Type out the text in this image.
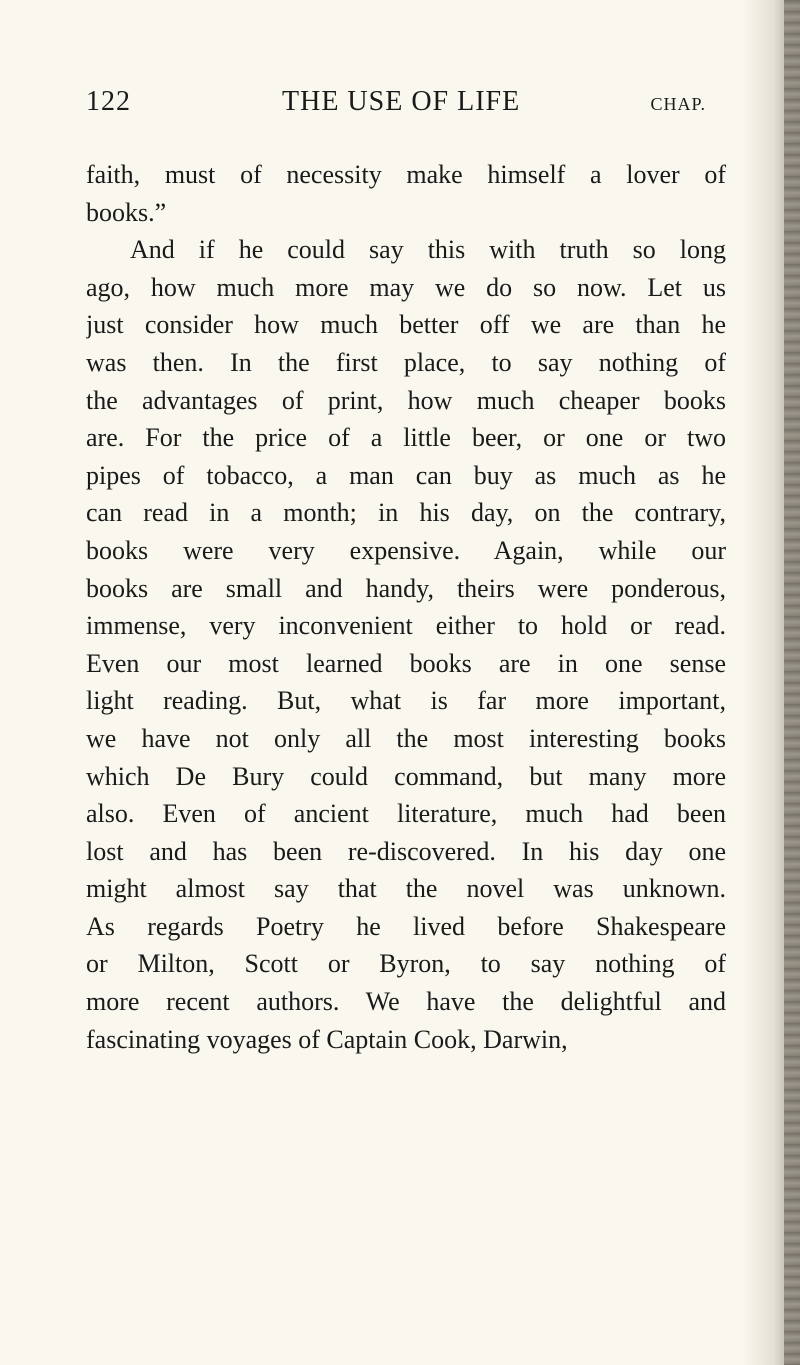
122	THE USE OF LIFE	CHAP.
faith, must of necessity make himself a lover of
books.”
And if he could say this with truth so long
ago, how much more may we do so now. Let us
just consider how much better off we are than he
was then. In the first place, to say nothing of
the advantages of print, how much cheaper books
are. For the price of a little beer, or one or two
pipes of tobacco, a man can buy as much as he
can read in a month; in his day, on the contrary,
books were very expensive. Again, while our
books are small and handy, theirs were ponderous,
immense, very inconvenient either to hold or read.
Even our most learned books are in one sense
light reading. But, what is far more important,
we have not only all the most interesting books
which De Bury could command, but many more
also. Even of ancient literature, much had been
lost and has been re-discovered. In his day one
might almost say that the novel was unknown.
As regards Poetry he lived before Shakespeare
or Milton, Scott or Byron, to say nothing of
more recent authors. We have the delightful and
fascinating voyages of Captain Cook, Darwin,
